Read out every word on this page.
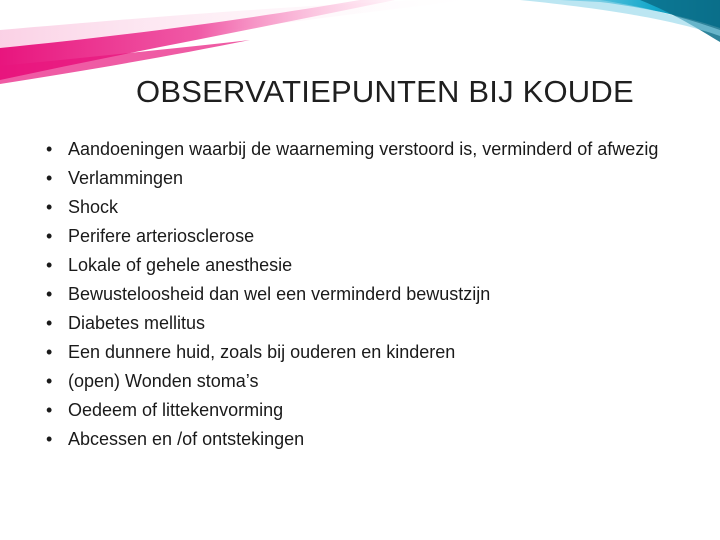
OBSERVATIEPUNTEN BIJ KOUDE
• Aandoeningen waarbij de waarneming verstoord is, verminderd of afwezig
• Verlammingen
• Shock
• Perifere arteriosclerose
• Lokale of gehele anesthesie
• Bewusteloosheid dan wel een verminderd bewustzijn
• Diabetes mellitus
• Een dunnere huid, zoals bij ouderen en kinderen
• (open) Wonden stoma’s
• Oedeem of littekenvorming
• Abcessen en /of ontstekingen
